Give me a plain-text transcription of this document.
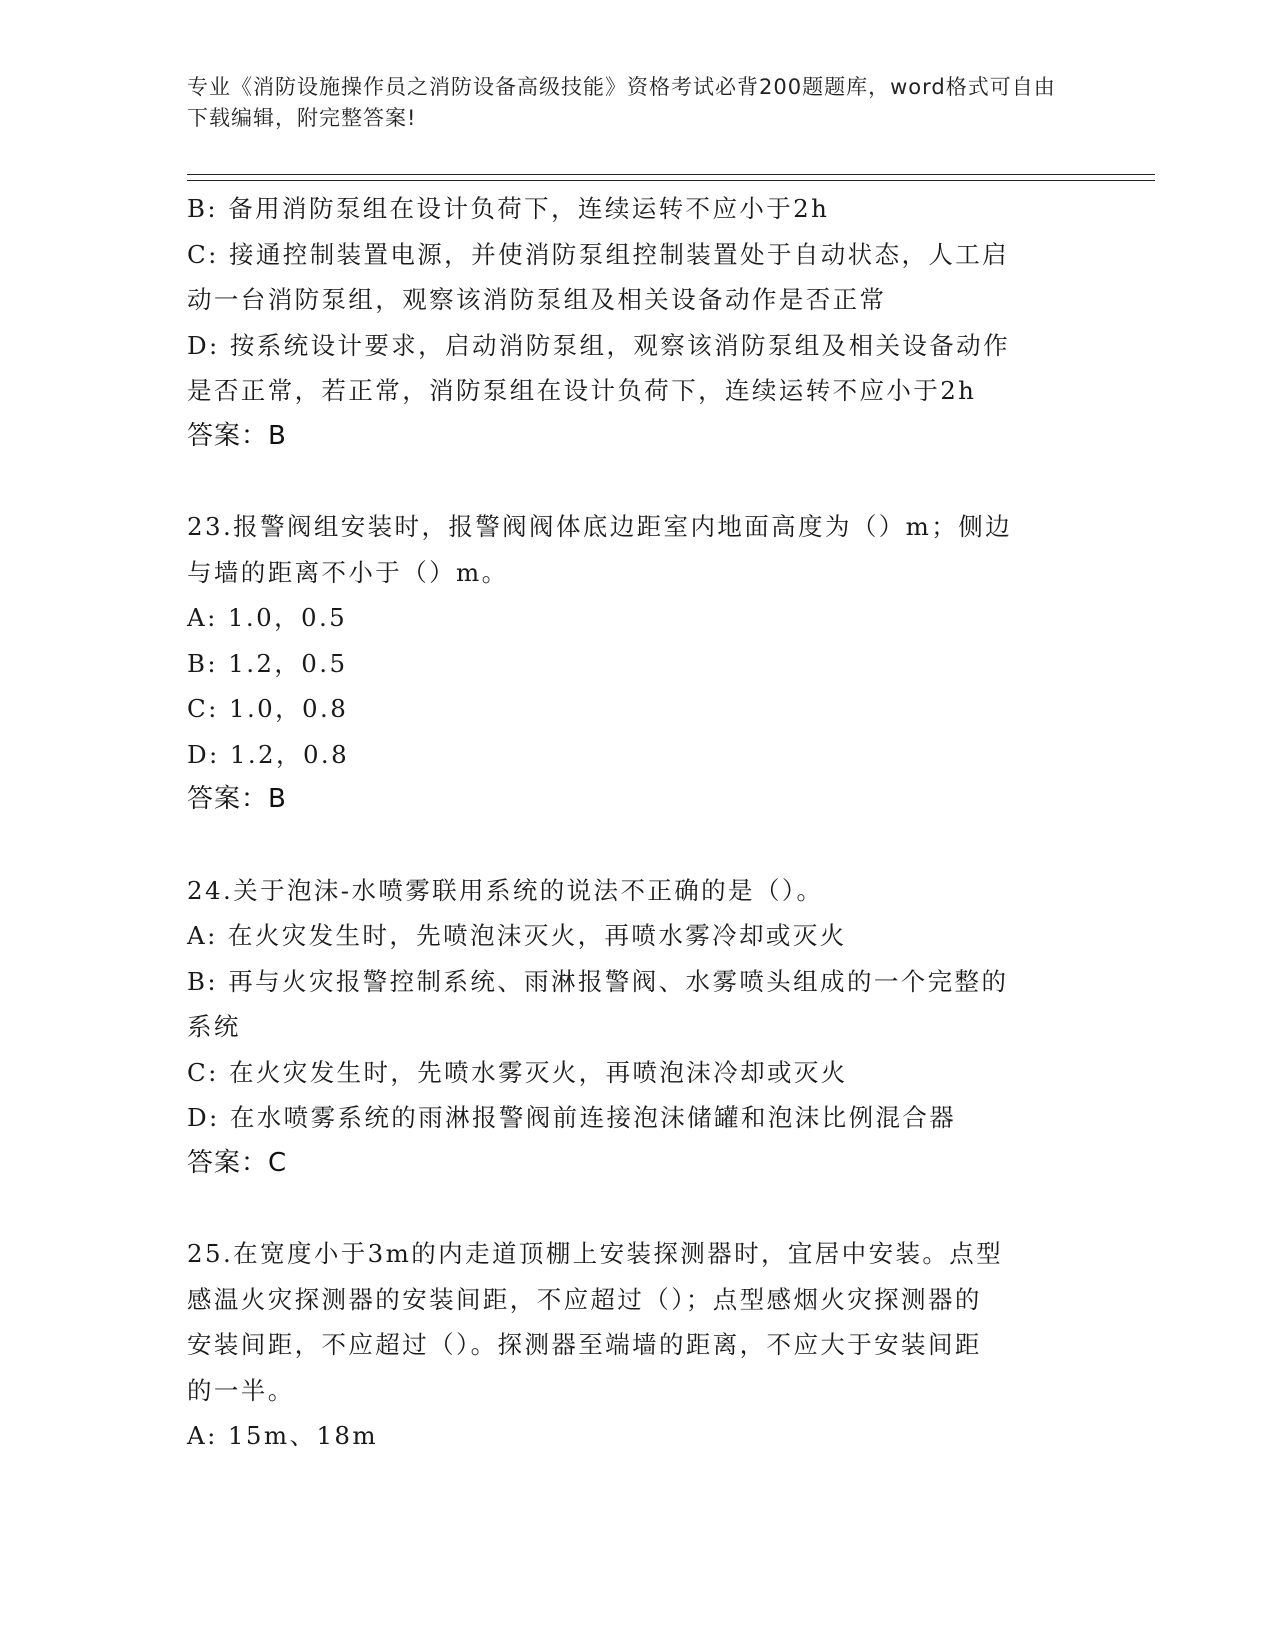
专业《消防设施操作员之消防设备高级技能》资格考试必背200题题库，word格式可自由下载编辑，附完整答案!
B: 备用消防泵组在设计负荷下，连续运转不应小于2h
C: 接通控制装置电源，并使消防泵组控制装置处于自动状态，人工启
动一台消防泵组，观察该消防泵组及相关设备动作是否正常
D: 按系统设计要求，启动消防泵组，观察该消防泵组及相关设备动作
是否正常，若正常，消防泵组在设计负荷下，连续运转不应小于2h
答案：B
23.报警阀组安装时，报警阀阀体底边距室内地面高度为（）m；侧边
与墙的距离不小于（）m。
A: 1.0，0.5
B: 1.2，0.5
C: 1.0，0.8
D: 1.2，0.8
答案：B
24.关于泡沫-水喷雾联用系统的说法不正确的是（）。
A: 在火灾发生时，先喷泡沫灭火，再喷水雾冷却或灭火
B: 再与火灾报警控制系统、雨淋报警阀、水雾喷头组成的一个完整的
系统
C: 在火灾发生时，先喷水雾灭火，再喷泡沫冷却或灭火
D: 在水喷雾系统的雨淋报警阀前连接泡沫储罐和泡沫比例混合器
答案：C
25.在宽度小于3m的内走道顶棚上安装探测器时，宜居中安装。点型
感温火灾探测器的安装间距，不应超过（）；点型感烟火灾探测器的
安装间距，不应超过（）。探测器至端墙的距离，不应大于安装间距
的一半。
A: 15m、18m
